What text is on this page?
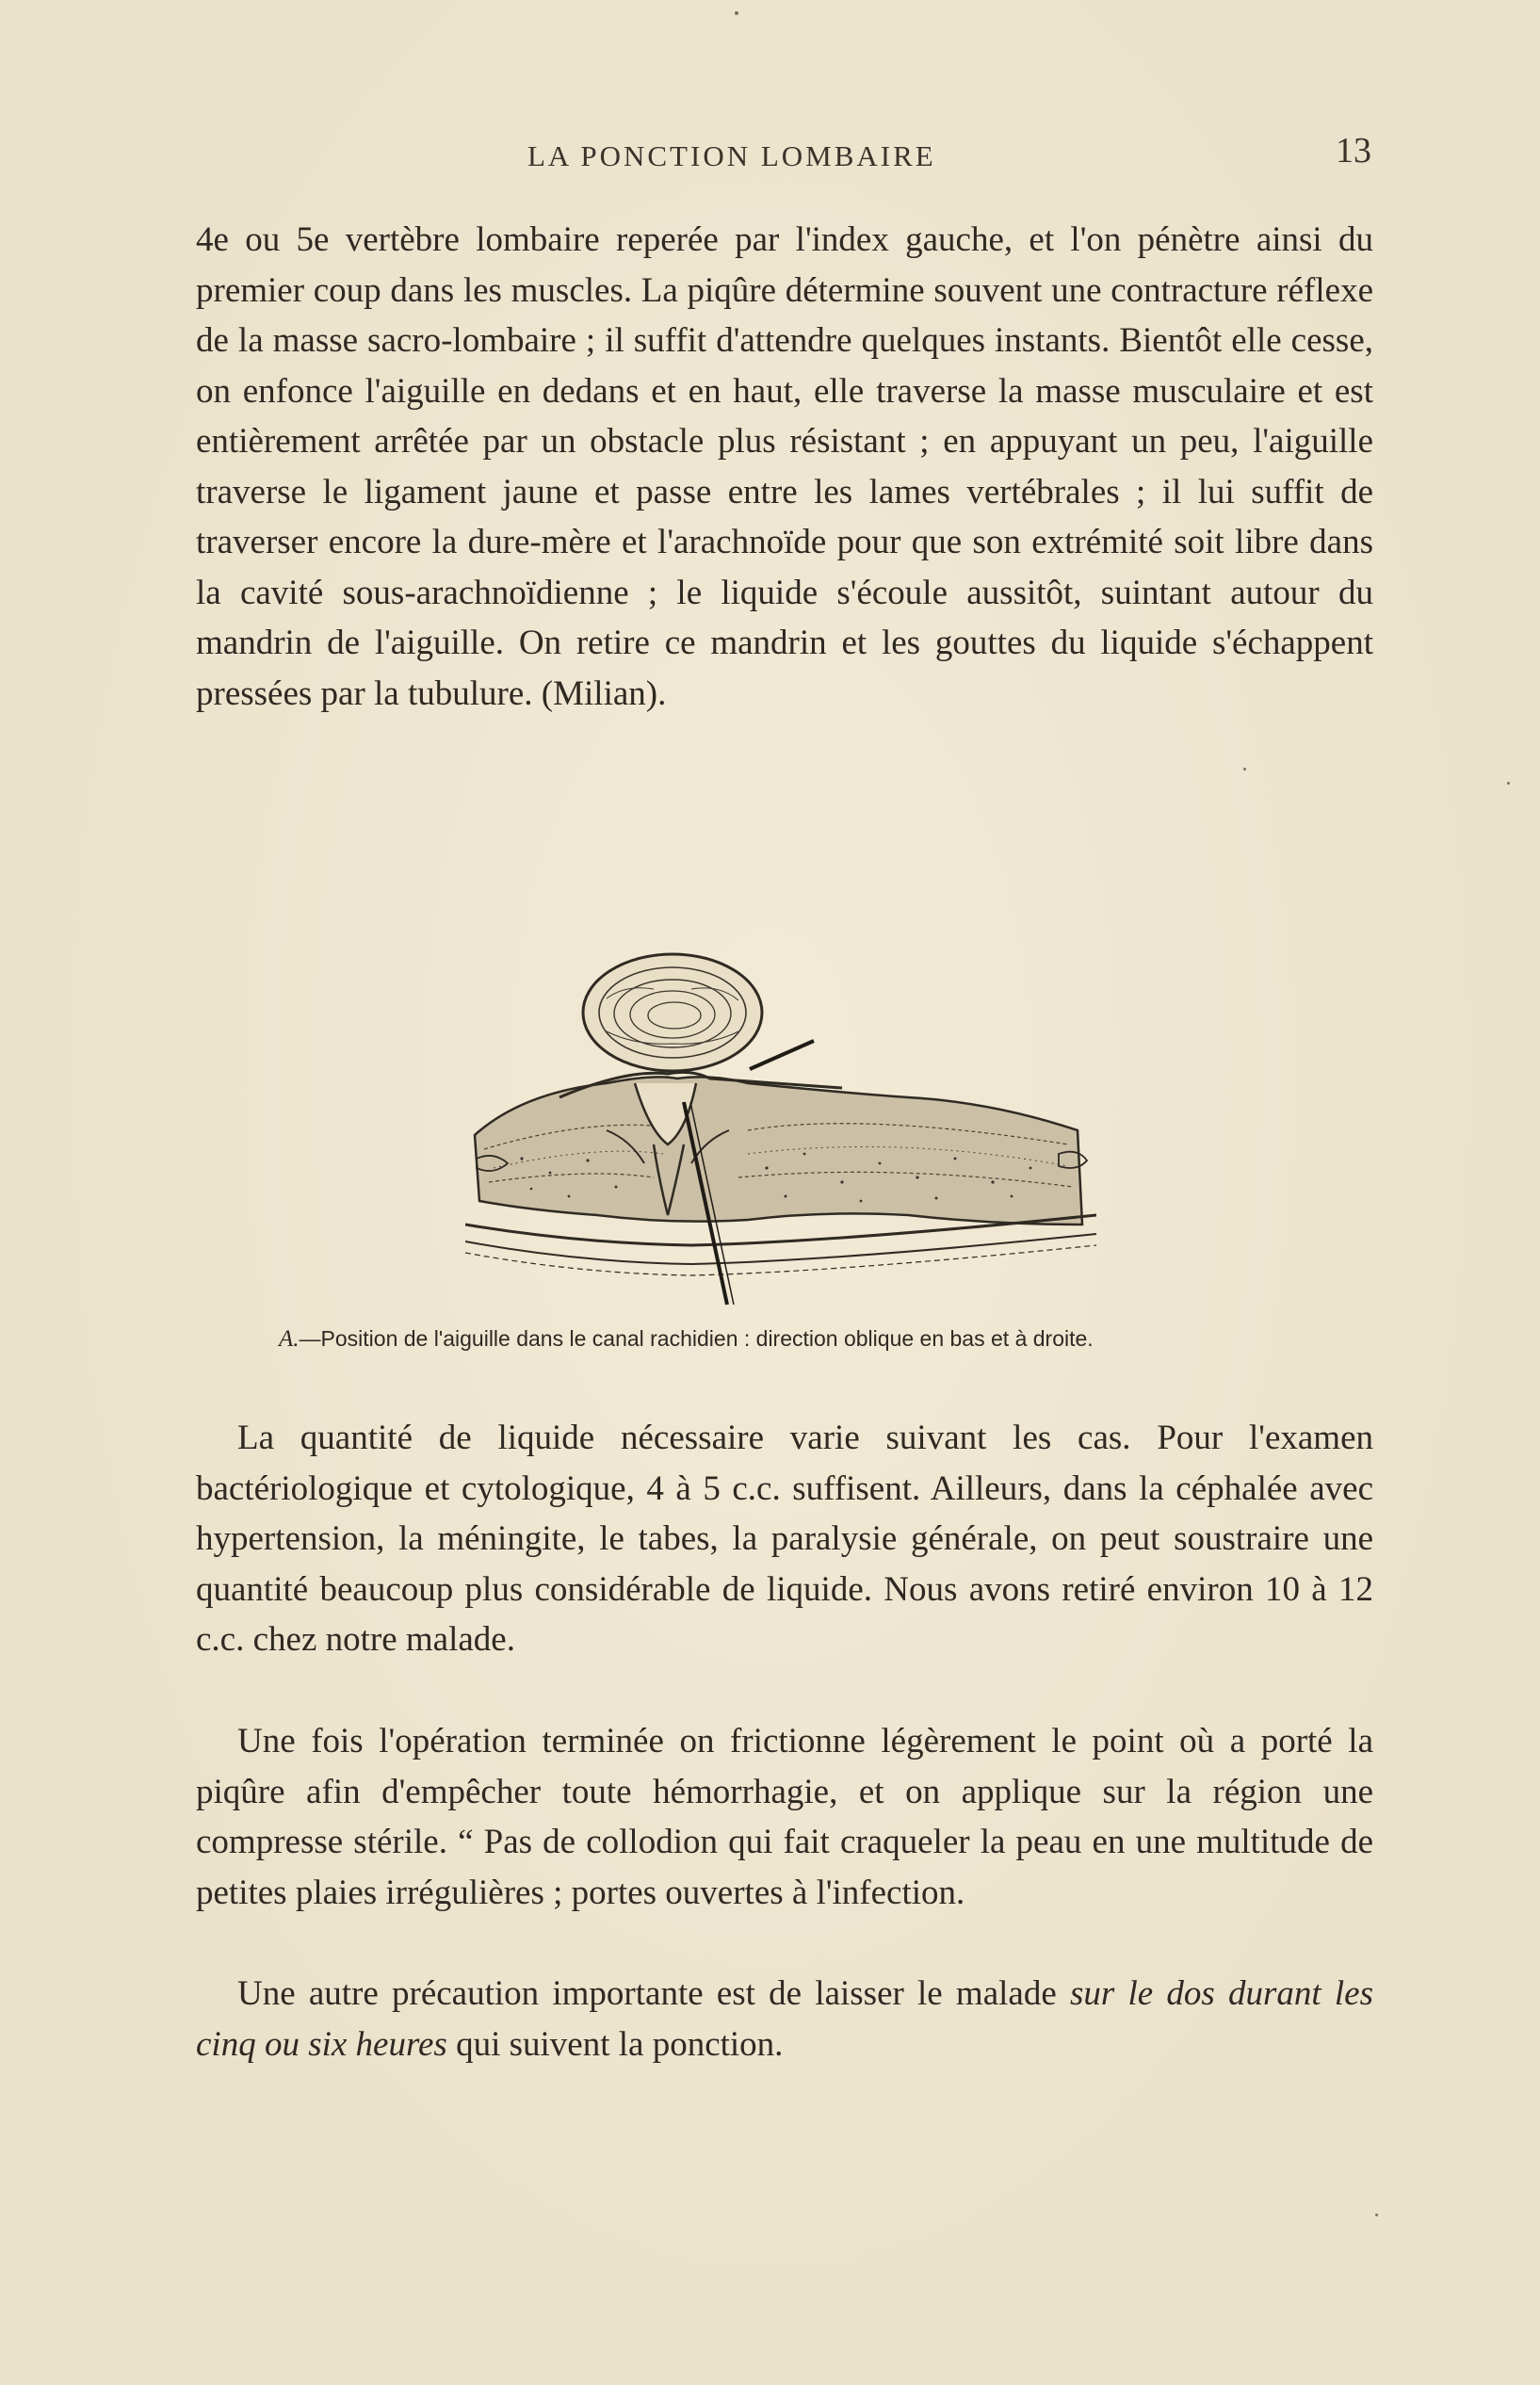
LA PONCTION LOMBAIRE	13

4e ou 5e vertèbre lombaire reperée par l'index gauche, et l'on pénètre ainsi du premier coup dans les muscles. La piqûre détermine souvent une contracture réflexe de la masse sacro-lombaire ; il suffit d'attendre quelques instants. Bientôt elle cesse, on enfonce l'aiguille en dedans et en haut, elle traverse la masse musculaire et est entièrement arrêtée par un obstacle plus résistant ; en appuyant un peu, l'aiguille traverse le ligament jaune et passe entre les lames vertébrales ; il lui suffit de traverser encore la dure-mère et l'arachnoïde pour que son extrémité soit libre dans la cavité sous-arachnoïdienne ; le liquide s'écoule aussitôt, suintant autour du mandrin de l'aiguille. On retire ce mandrin et les gouttes du liquide s'échappent pressées par la tubulure. (Milian).

A.—Position de l'aiguille dans le canal rachidien : direction oblique en bas et à droite.

La quantité de liquide nécessaire varie suivant les cas. Pour l'examen bactériologique et cytologique, 4 à 5 c.c. suffisent. Ailleurs, dans la céphalée avec hypertension, la méningite, le tabes, la paralysie générale, on peut soustraire une quantité beaucoup plus considérable de liquide. Nous avons retiré environ 10 à 12 c.c. chez notre malade.

Une fois l'opération terminée on frictionne légèrement le point où a porté la piqûre afin d'empêcher toute hémorrhagie, et on applique sur la région une compresse stérile. “ Pas de collodion qui fait craqueler la peau en une multitude de petites plaies irrégulières ; portes ouvertes à l'infection.

Une autre précaution importante est de laisser le malade sur le dos durant les cinq ou six heures qui suivent la ponction.
